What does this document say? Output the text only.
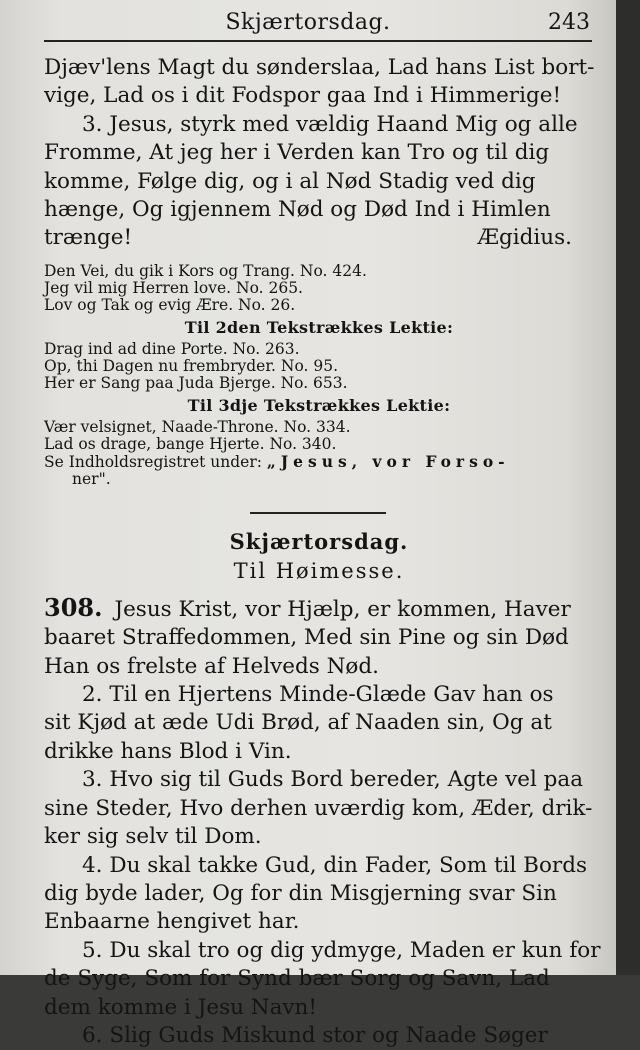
Skjærtorsdag.	243
Djæv'lens Magt du sønderslaa, Lad hans List bort-
vige, Lad os i dit Fodspor gaa Ind i Himmerige!
3. Jesus, styrk med vældig Haand Mig og alle
Fromme, At jeg her i Verden kan Tro og til dig
komme, Følge dig, og i al Nød Stadig ved dig
hænge, Og igjennem Nød og Død Ind i Himlen
trænge!	Ægidius.
Den Vei, du gik i Kors og Trang. No. 424.
Jeg vil mig Herren love. No. 265.
Lov og Tak og evig Ære. No. 26.
Til 2den Tekstrækkes Lektie:
Drag ind ad dine Porte. No. 263.
Op, thi Dagen nu frembryder. No. 95.
Her er Sang paa Juda Bjerge. No. 653.
Til 3dje Tekstrækkes Lektie:
Vær velsignet, Naade-Throne. No. 334.
Lad os drage, bange Hjerte. No. 340.
Se Indholdsregistret under: „Jesus, vor Forso-
ner".
Skjærtorsdag.
Til Høimesse.
308. Jesus Krist, vor Hjælp, er kommen, Haver
baaret Straffedommen, Med sin Pine og sin Død
Han os frelste af Helveds Nød.
2. Til en Hjertens Minde-Glæde Gav han os
sit Kjød at æde Udi Brød, af Naaden sin, Og at
drikke hans Blod i Vin.
3. Hvo sig til Guds Bord bereder, Agte vel paa
sine Steder, Hvo derhen uværdig kom, Æder, drik-
ker sig selv til Dom.
4. Du skal takke Gud, din Fader, Som til Bords
dig byde lader, Og for din Misgjerning svar Sin
Enbaarne hengivet har.
5. Du skal tro og dig ydmyge, Maden er kun for
de Syge, Som for Synd bær Sorg og Savn, Lad
dem komme i Jesu Navn!
6. Slig Guds Miskund stor og Naade Søger
